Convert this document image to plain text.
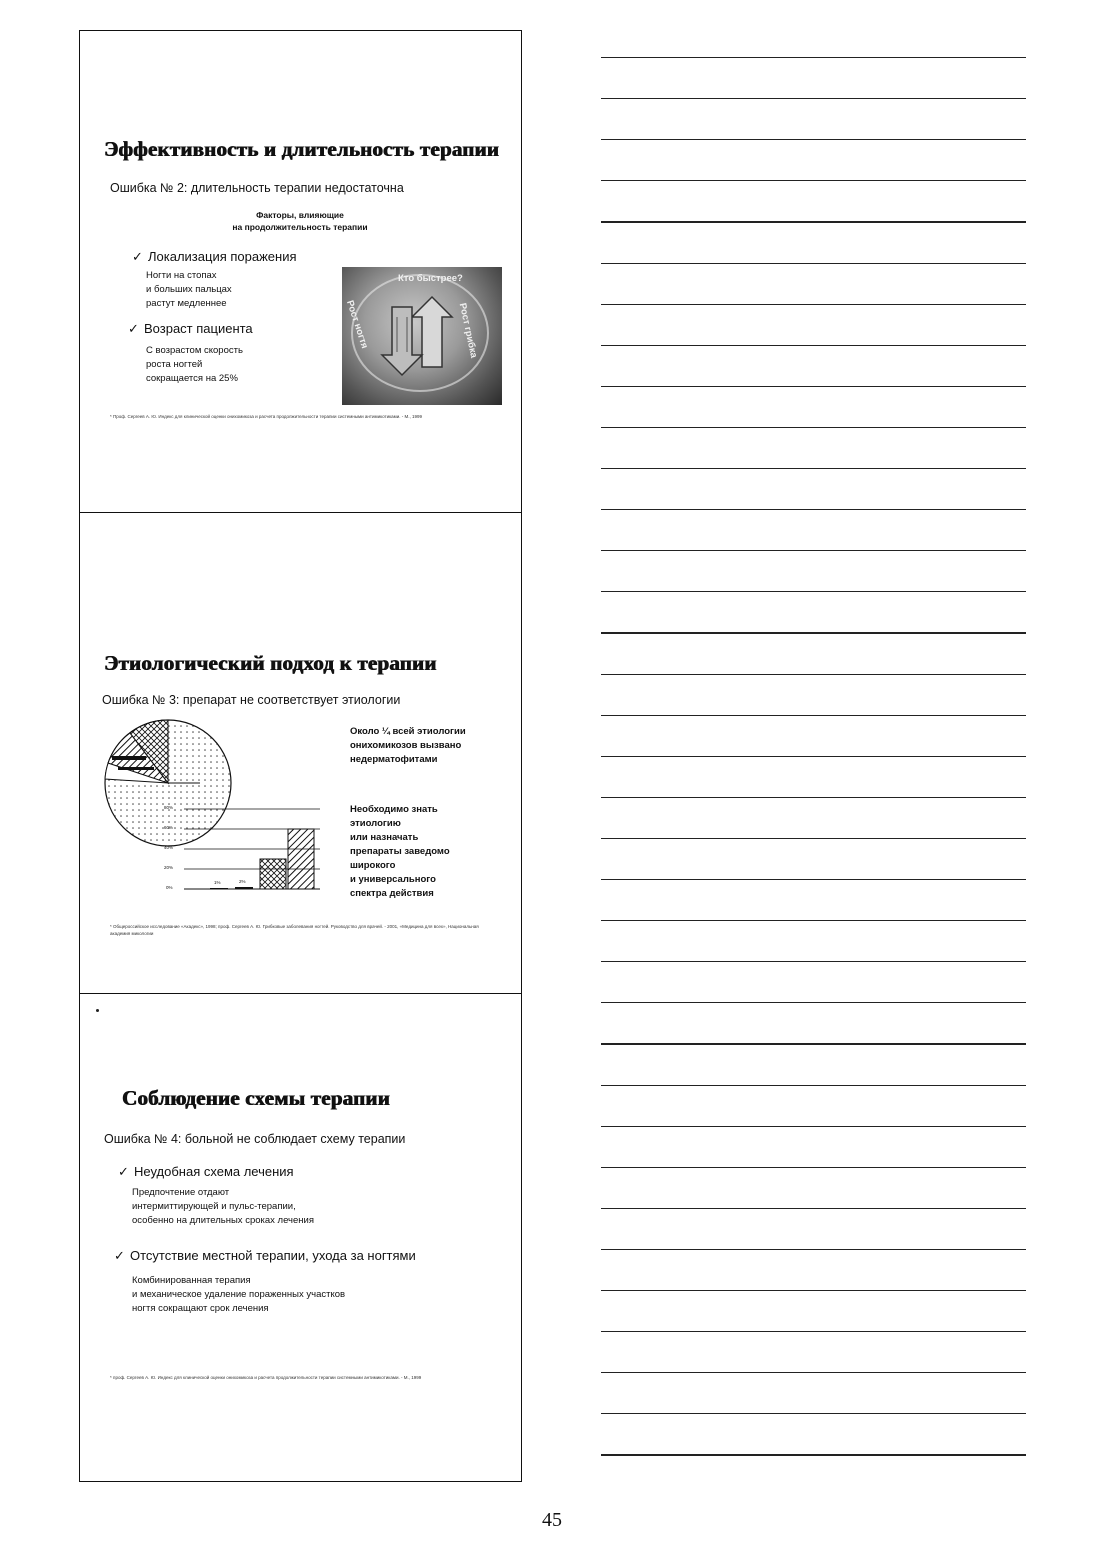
Эффективность и длительность терапии
Ошибка № 2: длительность терапии недостаточна
Факторы, влияющие
на продолжительность терапии
✓ Локализация поражения
Ногти на стопах
и больших пальцах
растут медленнее
✓ Возраст пациента
С возрастом скорость
роста ногтей
сокращается на 25%
Кто быстрее?
Рост ногтя	Рост грибка
* Проф. Сергеев А. Ю. Индекс для клинической оценки онихомикоза и расчета продолжительности терапии системными антимикотиками. - М., 1999
Этиологический подход к терапии
Ошибка № 3: препарат не соответствует этиологии
0%
20%
40%
60%
80%
1%	2%
Около ¼ всей этиологии
онихомикозов вызвано
недерматофитами
Необходимо знать
этиологию
или назначать
препараты заведомо
широкого
и универсального
спектра действия
* Общероссийское исследование «Акадекс», 1998; проф. Сергеев А. Ю. Грибковые заболевания ногтей. Руководство для врачей. - 2001, «Медицина для всех», Национальная академия микологии
Соблюдение схемы терапии
Ошибка № 4: больной не соблюдает схему терапии
✓ Неудобная схема лечения
Предпочтение отдают
интермиттирующей и пульс-терапии,
особенно на длительных сроках лечения
✓ Отсутствие местной терапии, ухода за ногтями
Комбинированная терапия
и механическое удаление пораженных участков
ногтя сокращают срок лечения
* проф. Сергеев А. Ю. Индекс для клинической оценки онихомикоза и расчета продолжительности терапии системными антимикотиками. - М., 1999
45
